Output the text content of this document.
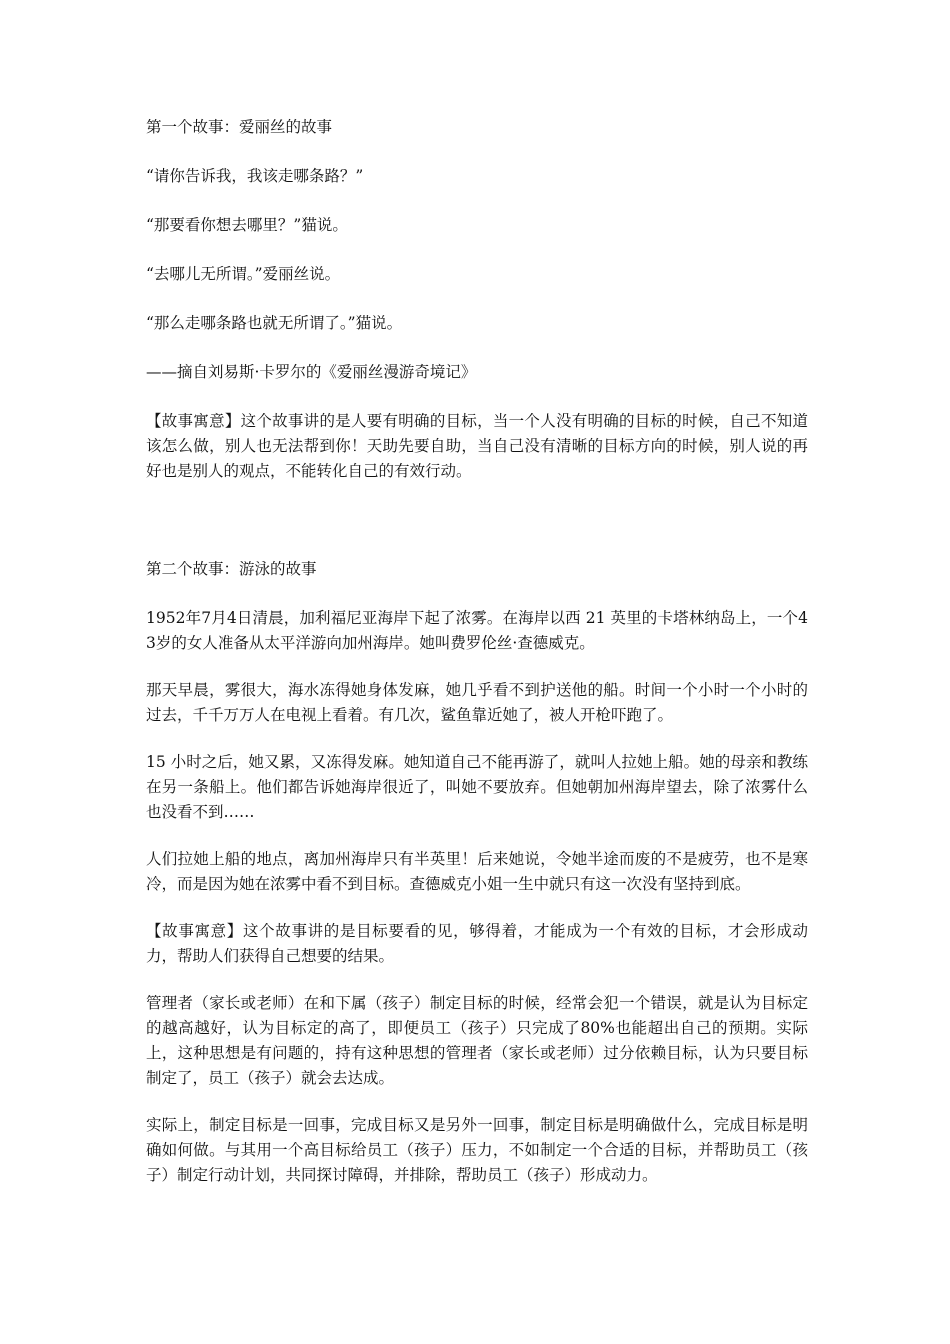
第一个故事：爱丽丝的故事

“请你告诉我，我该走哪条路？”

“那要看你想去哪里？”猫说。

“去哪儿无所谓。”爱丽丝说。

“那么走哪条路也就无所谓了。”猫说。

——摘自刘易斯·卡罗尔的《爱丽丝漫游奇境记》

【故事寓意】这个故事讲的是人要有明确的目标，当一个人没有明确的目标的时候，自己不知道该怎么做，别人也无法帮到你！天助先要自助，当自己没有清晰的目标方向的时候，别人说的再好也是别人的观点，不能转化自己的有效行动。

第二个故事：游泳的故事

1952年7月4日清晨，加利福尼亚海岸下起了浓雾。在海岸以西 21 英里的卡塔林纳岛上，一个43岁的女人准备从太平洋游向加州海岸。她叫费罗伦丝·查德威克。

那天早晨，雾很大，海水冻得她身体发麻，她几乎看不到护送他的船。时间一个小时一个小时的过去，千千万万人在电视上看着。有几次，鲨鱼靠近她了，被人开枪吓跑了。

15 小时之后，她又累，又冻得发麻。她知道自己不能再游了，就叫人拉她上船。她的母亲和教练在另一条船上。他们都告诉她海岸很近了，叫她不要放弃。但她朝加州海岸望去，除了浓雾什么也没看不到……

人们拉她上船的地点，离加州海岸只有半英里！后来她说，令她半途而废的不是疲劳，也不是寒冷，而是因为她在浓雾中看不到目标。查德威克小姐一生中就只有这一次没有坚持到底。

【故事寓意】这个故事讲的是目标要看的见，够得着，才能成为一个有效的目标，才会形成动力，帮助人们获得自己想要的结果。

管理者（家长或老师）在和下属（孩子）制定目标的时候，经常会犯一个错误，就是认为目标定的越高越好，认为目标定的高了，即便员工（孩子）只完成了80%也能超出自己的预期。实际上，这种思想是有问题的，持有这种思想的管理者（家长或老师）过分依赖目标，认为只要目标制定了，员工（孩子）就会去达成。

实际上，制定目标是一回事，完成目标又是另外一回事，制定目标是明确做什么，完成目标是明确如何做。与其用一个高目标给员工（孩子）压力，不如制定一个合适的目标，并帮助员工（孩子）制定行动计划，共同探讨障碍，并排除，帮助员工（孩子）形成动力。
